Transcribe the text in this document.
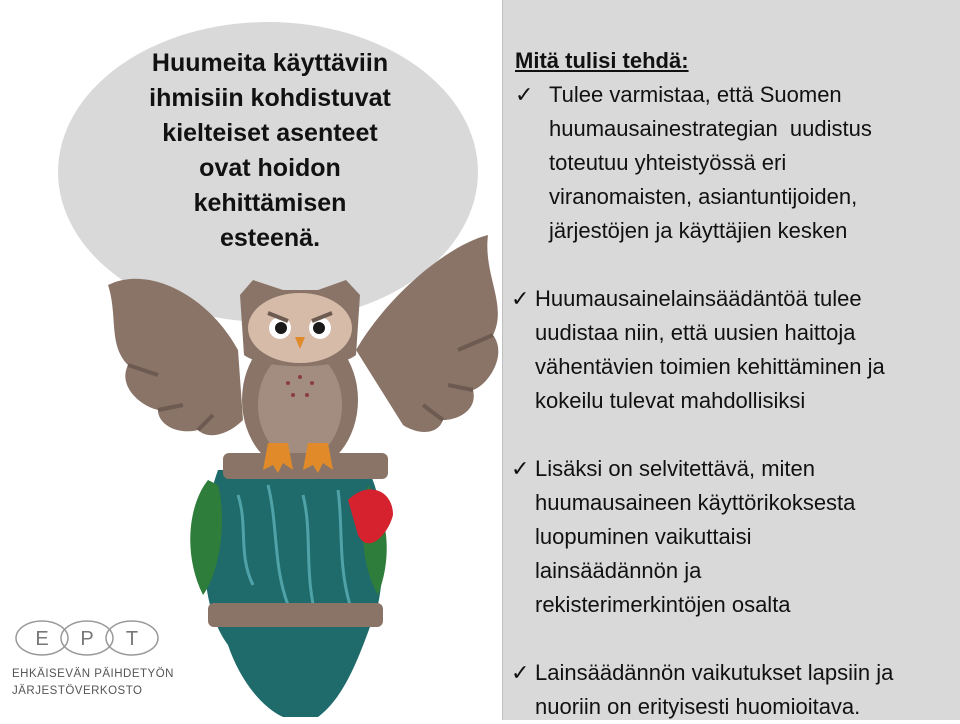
Huumeita käyttäviin
ihmisiin kohdistuvat
kielteiset asenteet
ovat hoidon
kehittämisen
esteenä.
E P T
EHKÄISEVÄN PÄIHDETYÖN
JÄRJESTÖVERKOSTO
Mitä tulisi tehdä:
✓ Tulee varmistaa, että Suomen
huumausainestrategian  uudistus
toteutuu yhteistyössä eri
viranomaisten, asiantuntijoiden,
järjestöjen ja käyttäjien kesken
✓ Huumausainelainsäädäntöä tulee
uudistaa niin, että uusien haittoja
vähentävien toimien kehittäminen ja
kokeilu tulevat mahdollisiksi
✓ Lisäksi on selvitettävä, miten
huumausaineen käyttörikoksesta
luopuminen vaikuttaisi
lainsäädännön ja
rekisterimerkintöjen osalta
✓ Lainsäädännön vaikutukset lapsiin ja
nuoriin on erityisesti huomioitava.
